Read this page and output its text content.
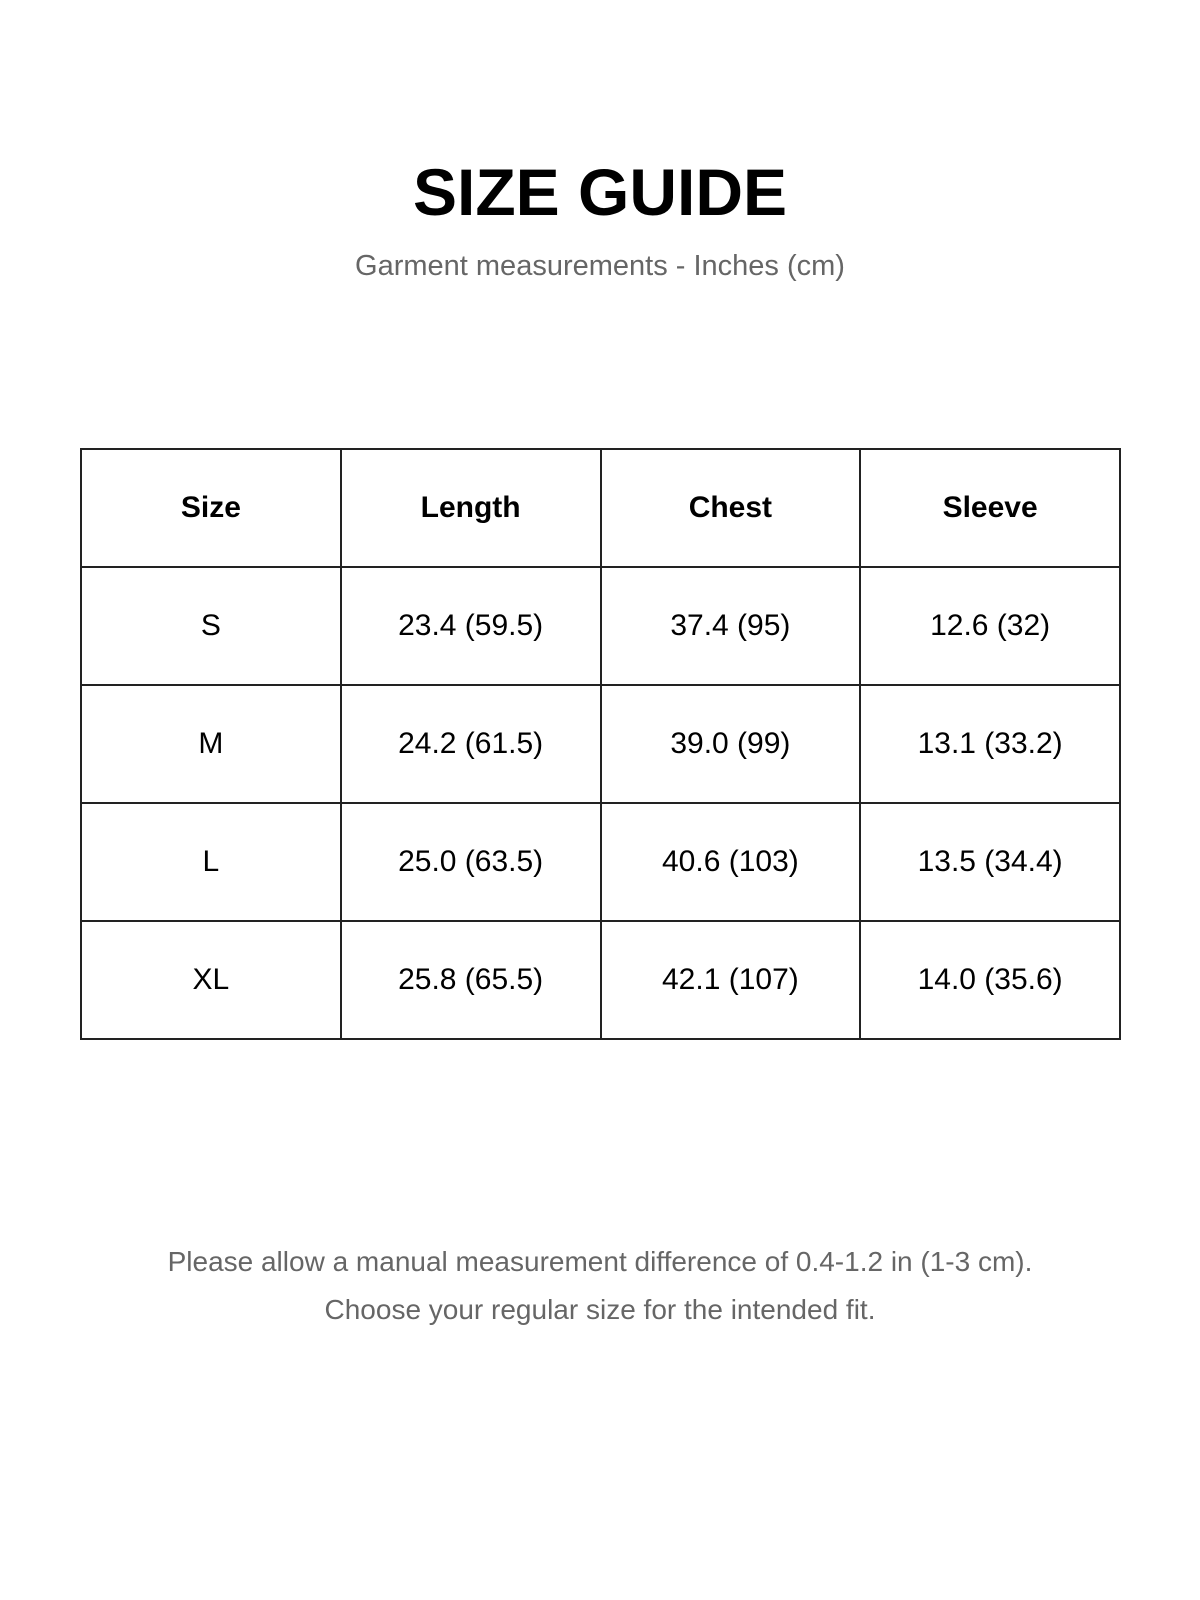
SIZE GUIDE
Garment measurements - Inches (cm)
Size	Length	Chest	Sleeve
S	23.4 (59.5)	37.4 (95)	12.6 (32)
M	24.2 (61.5)	39.0 (99)	13.1 (33.2)
L	25.0 (63.5)	40.6 (103)	13.5 (34.4)
XL	25.8 (65.5)	42.1 (107)	14.0 (35.6)
Please allow a manual measurement difference of 0.4-1.2 in (1-3 cm).
Choose your regular size for the intended fit.
